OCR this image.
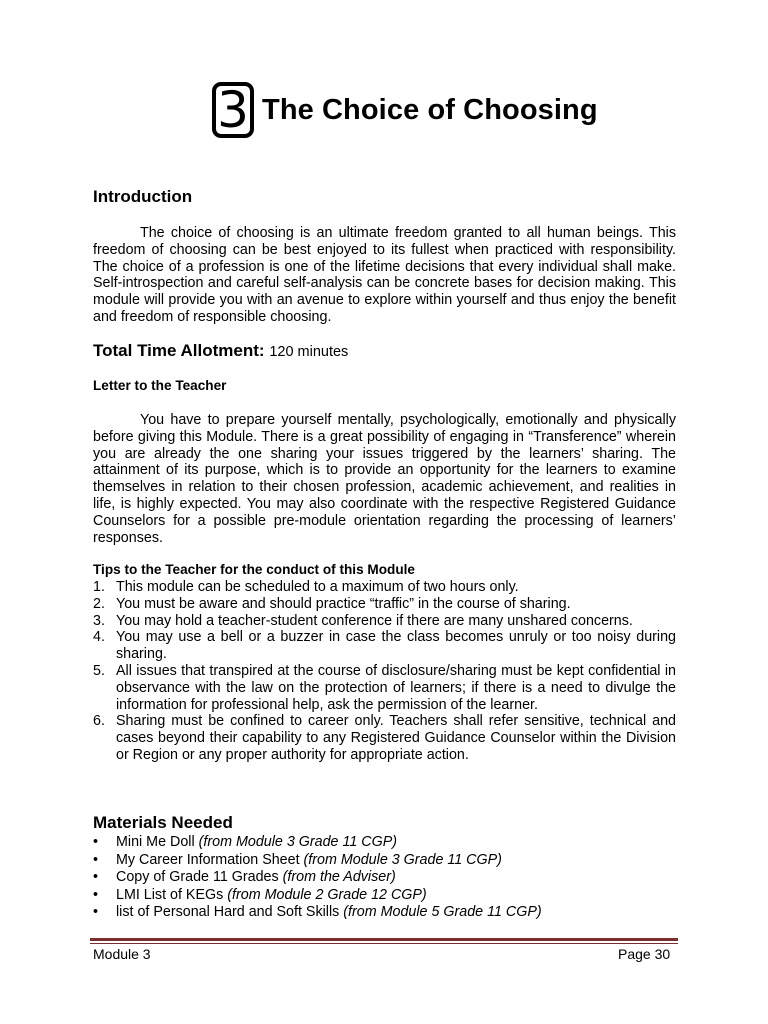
3 The Choice of Choosing
Introduction

The choice of choosing is an ultimate freedom granted to all human beings. This freedom of choosing can be best enjoyed to its fullest when practiced with responsibility. The choice of a profession is one of the lifetime decisions that every individual shall make. Self-introspection and careful self-analysis can be concrete bases for decision making. This module will provide you with an avenue to explore within yourself and thus enjoy the benefit and freedom of responsible choosing.

Total Time Allotment: 120 minutes
Letter to the Teacher

You have to prepare yourself mentally, psychologically, emotionally and physically before giving this Module. There is a great possibility of engaging in “Transference” wherein you are already the one sharing your issues triggered by the learners’ sharing. The attainment of its purpose, which is to provide an opportunity for the learners to examine themselves in relation to their chosen profession, academic achievement, and realities in life, is highly expected. You may also coordinate with the respective Registered Guidance Counselors for a possible pre-module orientation regarding the processing of learners’ responses.

Tips to the Teacher for the conduct of this Module
1. This module can be scheduled to a maximum of two hours only.
2. You must be aware and should practice “traffic” in the course of sharing.
3. You may hold a teacher-student conference if there are many unshared concerns.
4. You may use a bell or a buzzer in case the class becomes unruly or too noisy during sharing.
5. All issues that transpired at the course of disclosure/sharing must be kept confidential in observance with the law on the protection of learners; if there is a need to divulge the information for professional help, ask the permission of the learner.
6. Sharing must be confined to career only. Teachers shall refer sensitive, technical and cases beyond their capability to any Registered Guidance Counselor within the Division or Region or any proper authority for appropriate action.
Materials Needed
• Mini Me Doll (from Module 3 Grade 11 CGP)
• My Career Information Sheet (from Module 3 Grade 11 CGP)
• Copy of Grade 11 Grades (from the Adviser)
• LMI List of KEGs (from Module 2 Grade 12 CGP)
• list of Personal Hard and Soft Skills (from Module 5 Grade 11 CGP)
Module 3	Page 30
